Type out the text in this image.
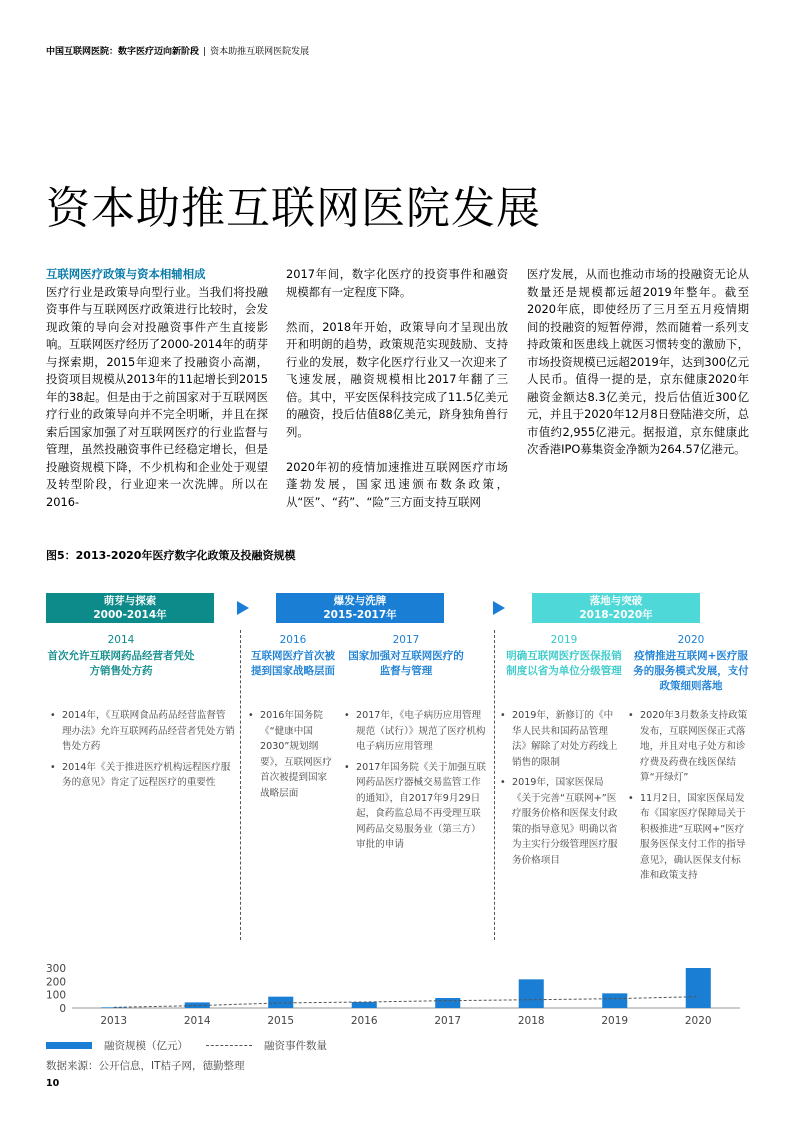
中国互联网医院：数字医疗迈向新阶段 | 资本助推互联网医院发展
资本助推互联网医院发展
互联网医疗政策与资本相辅相成

医疗行业是政策导向型行业。当我们将投融资事件与互联网医疗政策进行比较时，会发现政策的导向会对投融资事件产生直接影响。互联网医疗经历了2000-2014年的萌芽与探索期，2015年迎来了投融资小高潮，投资项目规模从2013年的11起增长到2015年的38起。但是由于之前国家对于互联网医疗行业的政策导向并不完全明晰，并且在探索后国家加强了对互联网医疗的行业监督与管理，虽然投融资事件已经稳定增长，但是投融资规模下降，不少机构和企业处于观望及转型阶段，行业迎来一次洗牌。所以在2016-

2017年间，数字化医疗的投资事件和融资规模都有一定程度下降。

然而，2018年开始，政策导向才呈现出放开和明朗的趋势，政策规范实现鼓励、支持行业的发展，数字化医疗行业又一次迎来了飞速发展，融资规模相比2017年翻了三倍。其中，平安医保科技完成了11.5亿美元的融资，投后估值88亿美元，跻身独角兽行列。

2020年初的疫情加速推进互联网医疗市场蓬勃发展，国家迅速颁布数条政策，从“医”、“药”、“险”三方面支持互联网

医疗发展，从而也推动市场的投融资无论从数量还是规模都远超2019年整年。截至2020年底，即使经历了三月至五月疫情期间的投融资的短暂停滞，然而随着一系列支持政策和医患线上就医习惯转变的激励下，市场投资规模已远超2019年，达到300亿元人民币。值得一提的是，京东健康2020年融资金额达8.3亿美元，投后估值近300亿元，并且于2020年12月8日登陆港交所，总市值约2,955亿港元。据报道，京东健康此次香港IPO募集资金净额为264.57亿港元。

图5：2013-2020年医疗数字化政策及投融资规模
萌芽与探索
2000-2014年
爆发与洗牌
2015-2017年
落地与突破
2018-2020年
2014
首次允许互联网药品经营者凭处方销售处方药
• 2014年，《互联网食品药品经营监督管理办法》允许互联网药品经营者凭处方销售处方药
• 2014年《关于推进医疗机构远程医疗服务的意见》肯定了远程医疗的重要性
2016
互联网医疗首次被提到国家战略层面
• 2016年国务院《“健康中国2030”规划纲要》，互联网医疗首次被提到国家战略层面
2017
国家加强对互联网医疗的监督与管理
• 2017年，《电子病历应用管理规范（试行）》规范了医疗机构电子病历应用管理
• 2017年国务院《关于加强互联网药品医疗器械交易监管工作的通知》，自2017年9月29日起，食药监总局不再受理互联网药品交易服务业（第三方）审批的申请
2019
明确互联网医疗医保报销制度以省为单位分级管理
• 2019年，新修订的《中华人民共和国药品管理法》解除了对处方药线上销售的限制
• 2019年，国家医保局《关于完善“互联网+”医疗服务价格和医保支付政策的指导意见》明确以省为主实行分级管理医疗服务价格项目
2020
疫情推进互联网+医疗服务的服务模式发展，支付政策细则落地
• 2020年3月数条支持政策发布，互联网医保正式落地，并且对电子处方和诊疗费及药费在线医保结算“开绿灯”
• 11月2日，国家医保局发布《国家医疗保障局关于积极推进“互联网+”医疗服务医保支付工作的指导意见》，确认医保支付标准和政策支持
300
200
100
0
2013	2014	2015	2016	2017	2018	2019	2020
融资规模（亿元）	融资事件数量
数据来源：公开信息，IT桔子网，德勤整理
10
